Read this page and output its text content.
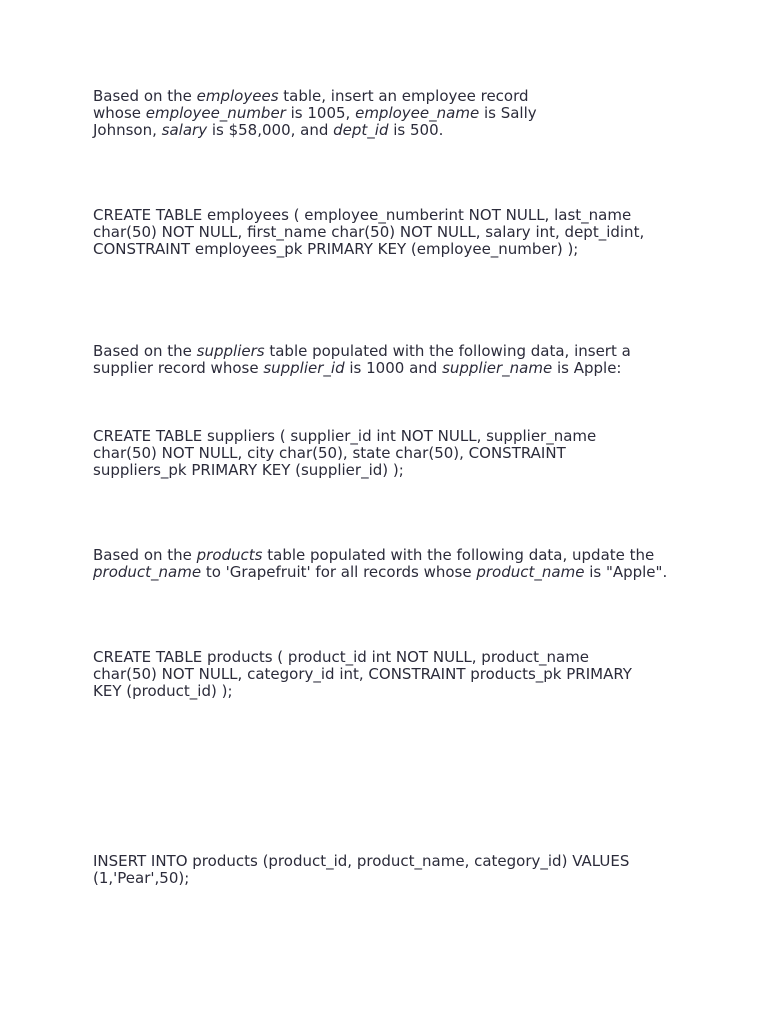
Based on the employees table, insert an employee record whose employee_number is 1005, employee_name is Sally Johnson, salary is $58,000, and dept_id is 500.

CREATE TABLE employees ( employee_numberint NOT NULL, last_name
char(50) NOT NULL, first_name char(50) NOT NULL, salary int, dept_idint,
CONSTRAINT employees_pk PRIMARY KEY (employee_number) );

Based on the suppliers table populated with the following data, insert a supplier record whose supplier_id is 1000 and supplier_name is Apple:

CREATE TABLE suppliers ( supplier_id int NOT NULL, supplier_name
char(50) NOT NULL, city char(50), state char(50), CONSTRAINT
suppliers_pk PRIMARY KEY (supplier_id) );

Based on the products table populated with the following data, update the product_name to 'Grapefruit' for all records whose product_name is "Apple".

CREATE TABLE products ( product_id int NOT NULL, product_name
char(50) NOT NULL, category_id int, CONSTRAINT products_pk PRIMARY
KEY (product_id) );

INSERT INTO products (product_id, product_name, category_id) VALUES
(1,'Pear',50);
